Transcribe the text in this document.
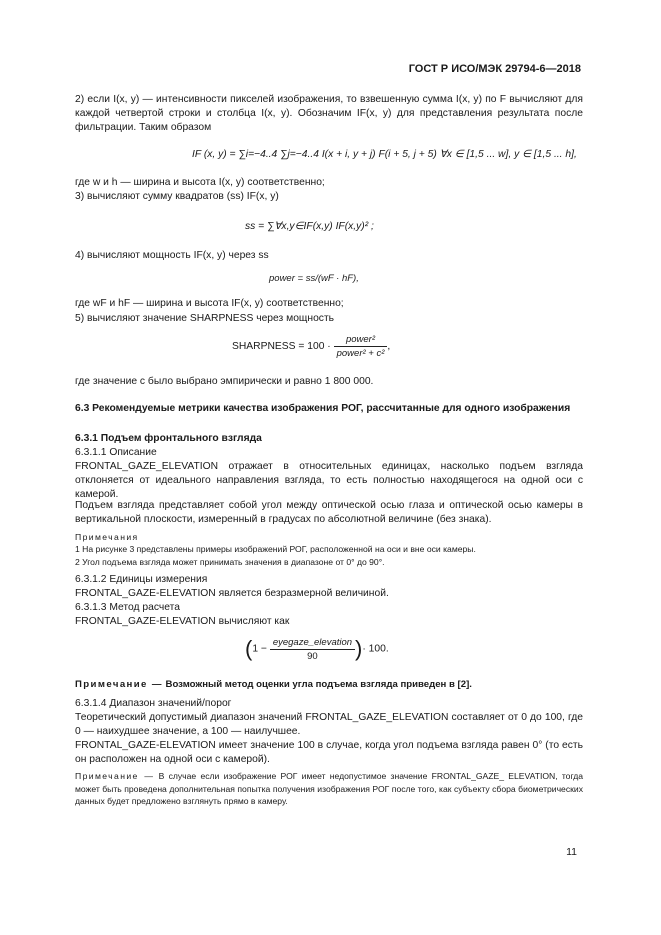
ГОСТ Р ИСО/МЭК 29794-6—2018
2) если I(x, y) — интенсивности пикселей изображения, то взвешенную сумма I(x, y) по F вычисляют для каждой четвертой строки и столбца I(x, y). Обозначим IF(x, y) для представления результата после фильтрации. Таким образом
IF (x, y) = ∑i=−4..4 ∑j=−4..4 I(x + i, y + j) F(i + 5, j + 5) ∀x ∈ [1,5 ... w], y ∈ [1,5 ... h],
где w и h — ширина и высота I(x, y) соответственно;
3) вычисляют сумму квадратов (ss) IF(x, y)
ss = ∑∀x,y∈IF(x,y) IF(x,y)² ;
4) вычисляют мощность IF(x, y) через ss
power = ss/(wF · hF),
где wF и hF — ширина и высота IF(x, y) соответственно;
5) вычисляют значение SHARPNESS через мощность
SHARPNESS = $100 \cdot \frac{\text{power²}}{\text{power² + c²}}$ ,
где значение c было выбрано эмпирически и равно 1 800 000.
6.3 Рекомендуемые метрики качества изображения РОГ, рассчитанные для одного изображения
6.3.1 Подъем фронтального взгляда
6.3.1.1 Описание
FRONTAL_GAZE_ELEVATION отражает в относительных единицах, насколько подъем взгляда отклоняется от идеального направления взгляда, то есть полностью находящегося на одной оси с камерой.
Подъем взгляда представляет собой угол между оптической осью глаза и оптической осью камеры в вертикальной плоскости, измеренный в градусах по абсолютной величине (без знака).
Примечания
1 На рисунке 3 представлены примеры изображений РОГ, расположенной на оси и вне оси камеры.
2 Угол подъема взгляда может принимать значения в диапазоне от 0° до 90°.
6.3.1.2 Единицы измерения
FRONTAL_GAZE-ELEVATION является безразмерной величиной.
6.3.1.3 Метод расчета
FRONTAL_GAZE-ELEVATION вычисляют как
($1 - \frac{\text{eyegaze\_elevation}}{90}$ )· 100.
Примечание — Возможный метод оценки угла подъема взгляда приведен в [2].
6.3.1.4 Диапазон значений/порог
Теоретический допустимый диапазон значений FRONTAL_GAZE_ELEVATION составляет от 0 до 100, где 0 — наихудшее значение, а 100 — наилучшее.
FRONTAL_GAZE-ELEVATION имеет значение 100 в случае, когда угол подъема взгляда равен 0° (то есть он расположен на одной оси с камерой).
Примечание — В случае если изображение РОГ имеет недопустимое значение FRONTAL_GAZE_ ELEVATION, тогда может быть проведена дополнительная попытка получения изображения РОГ после того, как субъекту сбора биометрических данных будет предложено взглянуть прямо в камеру.
11
